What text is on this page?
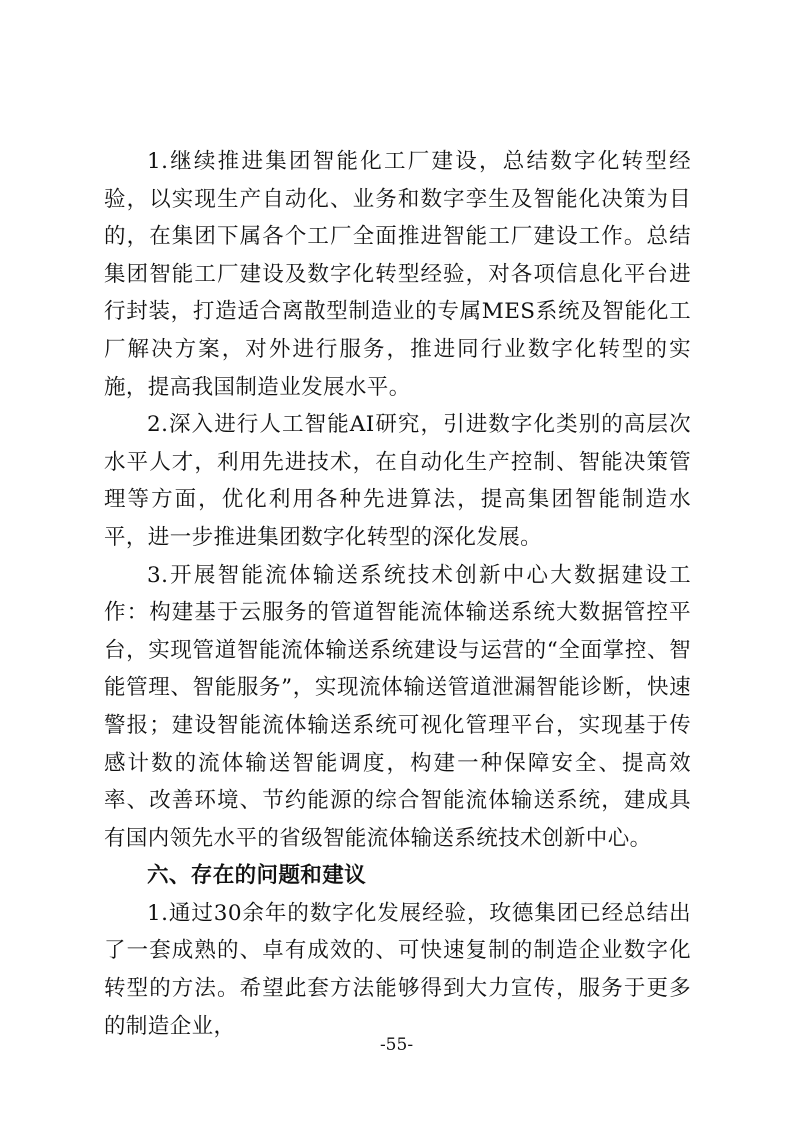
1.继续推进集团智能化工厂建设，总结数字化转型经验，以实现生产自动化、业务和数字孪生及智能化决策为目的，在集团下属各个工厂全面推进智能工厂建设工作。总结集团智能工厂建设及数字化转型经验，对各项信息化平台进行封装，打造适合离散型制造业的专属MES系统及智能化工厂解决方案，对外进行服务，推进同行业数字化转型的实施，提高我国制造业发展水平。

2.深入进行人工智能AI研究，引进数字化类别的高层次水平人才，利用先进技术，在自动化生产控制、智能决策管理等方面，优化利用各种先进算法，提高集团智能制造水平，进一步推进集团数字化转型的深化发展。

3.开展智能流体输送系统技术创新中心大数据建设工作：构建基于云服务的管道智能流体输送系统大数据管控平台，实现管道智能流体输送系统建设与运营的“全面掌控、智能管理、智能服务”，实现流体输送管道泄漏智能诊断，快速警报；建设智能流体输送系统可视化管理平台，实现基于传感计数的流体输送智能调度，构建一种保障安全、提高效率、改善环境、节约能源的综合智能流体输送系统，建成具有国内领先水平的省级智能流体输送系统技术创新中心。

六、存在的问题和建议

1.通过30余年的数字化发展经验，玫德集团已经总结出了一套成熟的、卓有成效的、可快速复制的制造企业数字化转型的方法。希望此套方法能够得到大力宣传，服务于更多的制造企业，

-55-
